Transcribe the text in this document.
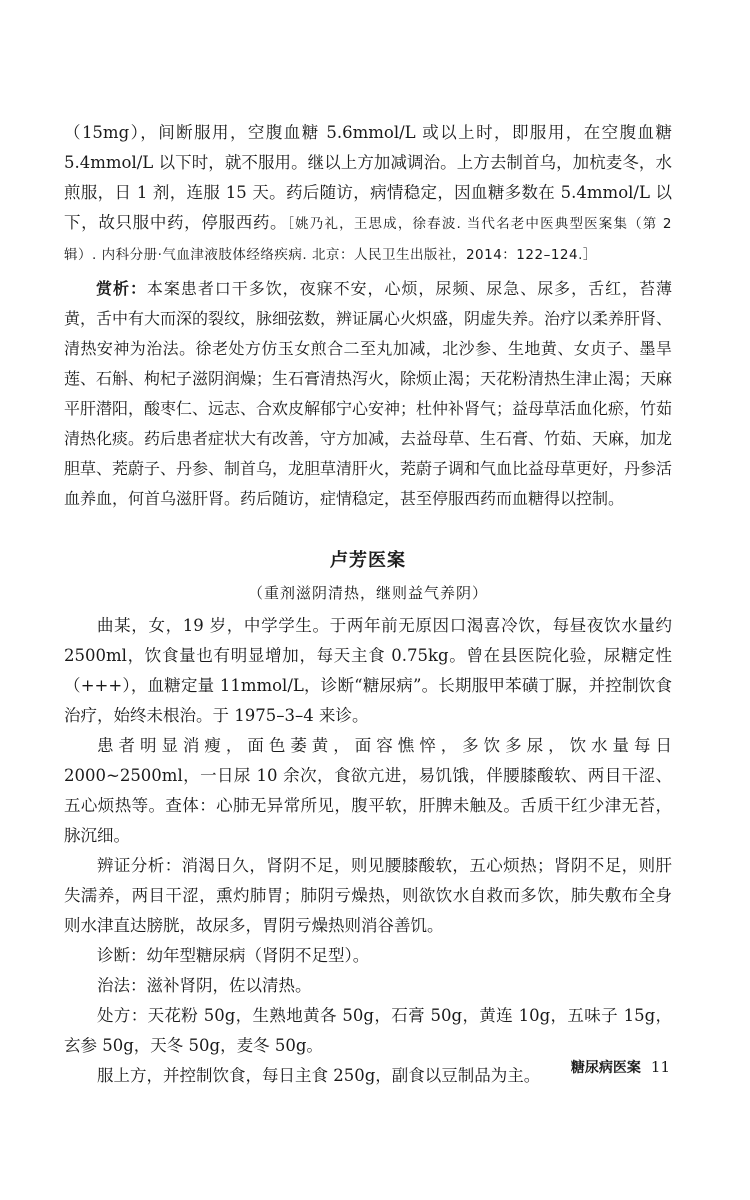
（15mg），间断服用，空腹血糖 5.6mmol/L 或以上时，即服用，在空腹血糖 5.4mmol/L 以下时，就不服用。继以上方加减调治。上方去制首乌，加杭麦冬，水煎服，日 1 剂，连服 15 天。药后随访，病情稳定，因血糖多数在 5.4mmol/L 以下，故只服中药，停服西药。［姚乃礼，王思成，徐春波. 当代名老中医典型医案集（第 2 辑）. 内科分册·气血津液肢体经络疾病. 北京：人民卫生出版社，2014：122–124.］

赏析：本案患者口干多饮，夜寐不安，心烦，尿频、尿急、尿多，舌红，苔薄黄，舌中有大而深的裂纹，脉细弦数，辨证属心火炽盛，阴虚失养。治疗以柔养肝肾、清热安神为治法。徐老处方仿玉女煎合二至丸加减，北沙参、生地黄、女贞子、墨旱莲、石斛、枸杞子滋阴润燥；生石膏清热泻火，除烦止渴；天花粉清热生津止渴；天麻平肝潜阳，酸枣仁、远志、合欢皮解郁宁心安神；杜仲补肾气；益母草活血化瘀，竹茹清热化痰。药后患者症状大有改善，守方加减，去益母草、生石膏、竹茹、天麻，加龙胆草、茺蔚子、丹参、制首乌，龙胆草清肝火，茺蔚子调和气血比益母草更好，丹参活血养血，何首乌滋肝肾。药后随访，症情稳定，甚至停服西药而血糖得以控制。

卢芳医案
（重剂滋阴清热，继则益气养阴）

曲某，女，19 岁，中学学生。于两年前无原因口渴喜冷饮，每昼夜饮水量约 2500ml，饮食量也有明显增加，每天主食 0.75kg。曾在县医院化验，尿糖定性（+++），血糖定量 11mmol/L，诊断“糖尿病”。长期服甲苯磺丁脲，并控制饮食治疗，始终未根治。于 1975–3–4 来诊。

患者明显消瘦，面色萎黄，面容憔悴，多饮多尿，饮水量每日 2000~2500ml，一日尿 10 余次，食欲亢进，易饥饿，伴腰膝酸软、两目干涩、五心烦热等。查体：心肺无异常所见，腹平软，肝脾未触及。舌质干红少津无苔，脉沉细。

辨证分析：消渴日久，肾阴不足，则见腰膝酸软，五心烦热；肾阴不足，则肝失濡养，两目干涩，熏灼肺胃；肺阴亏燥热，则欲饮水自救而多饮，肺失敷布全身则水津直达膀胱，故尿多，胃阴亏燥热则消谷善饥。

诊断：幼年型糖尿病（肾阴不足型）。

治法：滋补肾阴，佐以清热。

处方：天花粉 50g，生熟地黄各 50g，石膏 50g，黄连 10g，五味子 15g，玄参 50g，天冬 50g，麦冬 50g。

服上方，并控制饮食，每日主食 250g，副食以豆制品为主。	糖尿病医案 11
